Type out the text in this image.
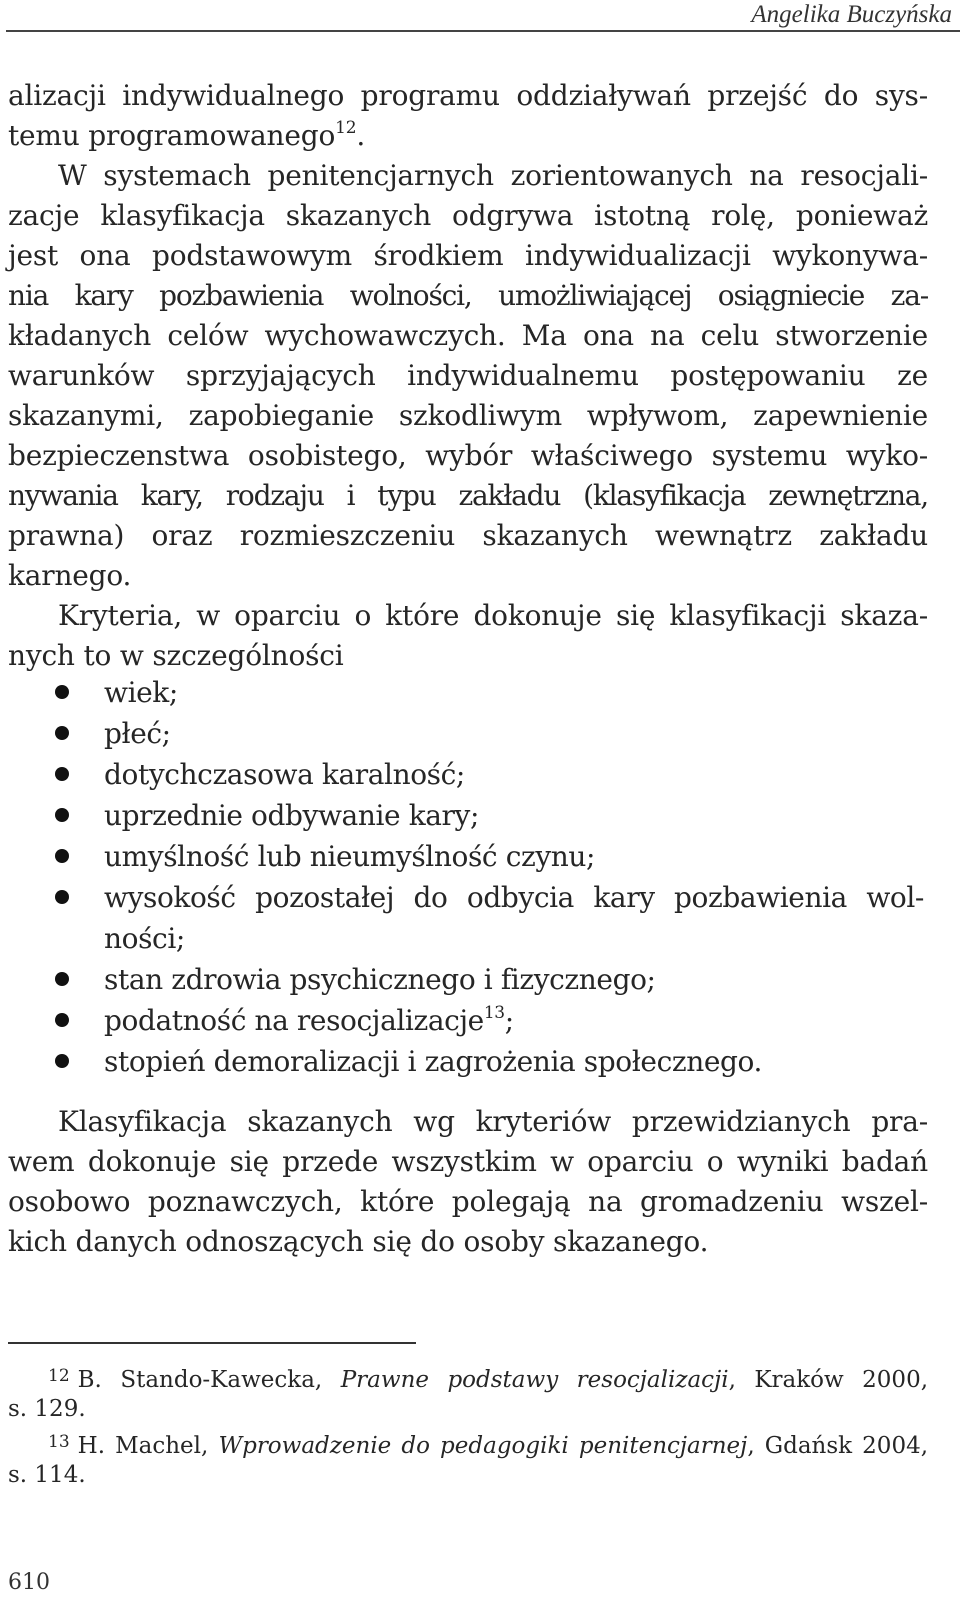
Angelika Buczyńska
alizacji indywidualnego programu oddziaływań przejść do sys-
temu programowanego$^{12}$.
W systemach penitencjarnych zorientowanych na resocjali-
zacje klasyfikacja skazanych odgrywa istotną rolę, ponieważ
jest ona podstawowym środkiem indywidualizacji wykonywa-
nia kary pozbawienia wolności, umożliwiającej osiągniecie za-
kładanych celów wychowawczych. Ma ona na celu stworzenie
warunków sprzyjających indywidualnemu postępowaniu ze
skazanymi, zapobieganie szkodliwym wpływom, zapewnienie
bezpieczenstwa osobistego, wybór właściwego systemu wyko-
nywania kary, rodzaju i typu zakładu (klasyfikacja zewnętrzna,
prawna) oraz rozmieszczeniu skazanych wewnątrz zakładu
karnego.
Kryteria, w oparciu o które dokonuje się klasyfikacji skaza-
nych to w szczególności
wiek;
płeć;
dotychczasowa karalność;
uprzednie odbywanie kary;
umyślność lub nieumyślność czynu;
wysokość pozostałej do odbycia kary pozbawienia wol-
ności;
stan zdrowia psychicznego i fizycznego;
podatność na resocjalizacje$^{13}$;
stopień demoralizacji i zagrożenia społecznego.
Klasyfikacja skazanych wg kryteriów przewidzianych pra-
wem dokonuje się przede wszystkim w oparciu o wyniki badań
osobowo poznawczych, które polegają na gromadzeniu wszel-
kich danych odnoszących się do osoby skazanego.
$^{12}$ B. Stando-Kawecka, Prawne podstawy resocjalizacji, Kraków 2000,
s. 129.
$^{13}$ H. Machel, Wprowadzenie do pedagogiki penitencjarnej, Gdańsk 2004,
s. 114.
610
